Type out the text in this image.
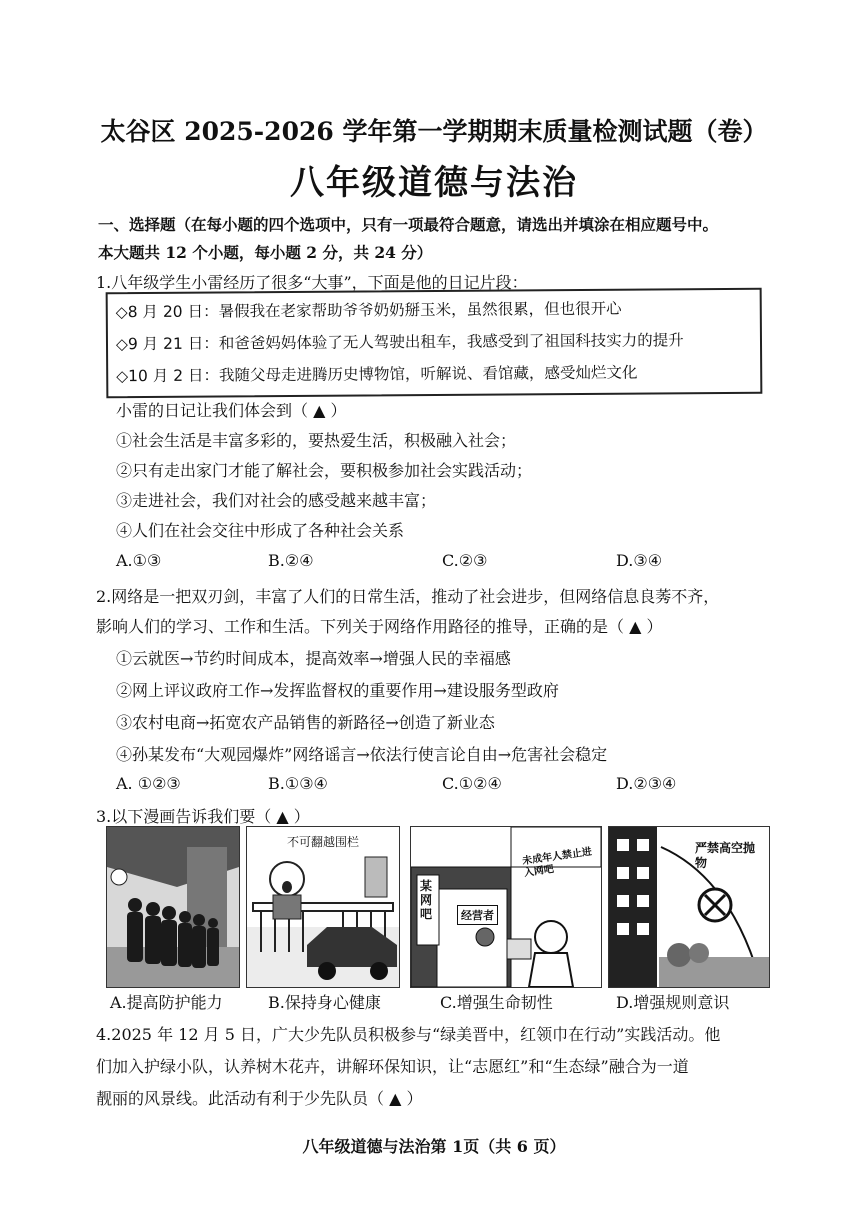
太谷区 2025-2026 学年第一学期期末质量检测试题（卷）
八年级道德与法治
一、选择题（在每小题的四个选项中，只有一项最符合题意，请选出并填涂在相应题号中。
本大题共 12 个小题，每小题 2 分，共 24 分）
1.八年级学生小雷经历了很多“大事”，下面是他的日记片段：
◇8 月 20 日：暑假我在老家帮助爷爷奶奶掰玉米，虽然很累，但也很开心
◇9 月 21 日：和爸爸妈妈体验了无人驾驶出租车，我感受到了祖国科技实力的提升
◇10 月 2 日：我随父母走进腾历史博物馆，听解说、看馆藏，感受灿烂文化
小雷的日记让我们体会到（ ▲ ）
①社会生活是丰富多彩的，要热爱生活，积极融入社会；
②只有走出家门才能了解社会，要积极参加社会实践活动；
③走进社会，我们对社会的感受越来越丰富；
④人们在社会交往中形成了各种社会关系
A.①③	B.②④	C.②③	D.③④
2.网络是一把双刃剑，丰富了人们的日常生活，推动了社会进步，但网络信息良莠不齐，
影响人们的学习、工作和生活。下列关于网络作用路径的推导，正确的是（ ▲ ）
①云就医→节约时间成本，提高效率→增强人民的幸福感
②网上评议政府工作→发挥监督权的重要作用→建设服务型政府
③农村电商→拓宽农产品销售的新路径→创造了新业态
④孙某发布“大观园爆炸”网络谣言→依法行使言论自由→危害社会稳定
A. ①②③	B.①③④	C.①②④	D.②③④
3.以下漫画告诉我们要（ ▲ ）
不可翻越围栏
未成年人禁止进入网吧
某网吧	经营者
严禁高空抛物
A.提高防护能力	B.保持身心健康	C.增强生命韧性	D.增强规则意识
4.2025 年 12 月 5 日，广大少先队员积极参与“绿美晋中，红领巾在行动”实践活动。他
们加入护绿小队，认养树木花卉，讲解环保知识，让“志愿红”和“生态绿”融合为一道
靓丽的风景线。此活动有利于少先队员（ ▲ ）
八年级道德与法治第 1页（共 6 页）
